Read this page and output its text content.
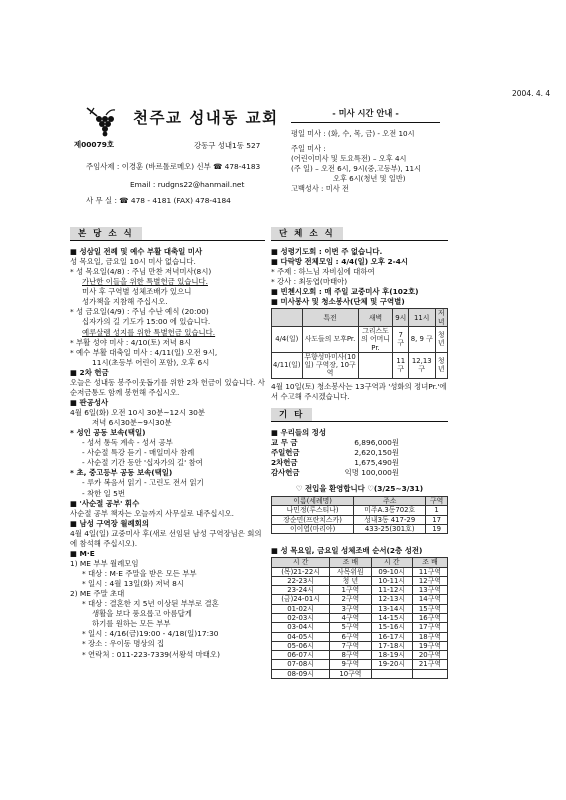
2004. 4. 4
천주교 성내동 교회
제00079호	강동구 성내1동 527
주임사제 : 이경훈 (바르톨로메오) 신부 ☎ 478-4183
Email : rudgns22@hanmail.net
사 무 실 : ☎ 478 - 4181 (FAX) 478-4184
- 미사 시간 안내 -
평일 미사 : (화, 수, 목, 금) - 오전 10시
주일 미사 :
(어린이미사 및 토요특전) – 오후 4시
(주 일) – 오전 6시, 9시(중,고등부), 11시
오후 6시(청년 및 일반)
고백성사 : 미사 전
본 당 소 식
■ 성삼일 전례 및 예수 부활 대축일 미사
성 목요일, 금요일 10시 미사 없습니다.
* 성 목요일(4/8) : 주님 만찬 저녁미사(8시)
가난한 이들을 위한 특별헌금 있습니다.
미사 후 구역별 성체조배가 있으니
성가책을 지참해 주십시오.
* 성 금요일(4/9) : 주님 수난 예식 (20:00)
십자가의 길 기도가 15:00 에 있습니다.
예루살렘 성지를 위한 특별헌금 있습니다.
* 부활 성야 미사 : 4/10(토) 저녁 8시
* 예수 부활 대축일 미사 : 4/11(일) 오전 9시,
11시(초등부 어린이 포함), 오후 6시
■ 2차 헌금
오늘은 성내동 봉주이웃돕기를 위한 2차 헌금이 있습니다. 사순저금통도 함께 봉헌해 주십시오.
■ 판공성사
4월 6일(화) 오전 10시 30분~12시 30분
저녁 6시30분~9시30분
* 성인 공동 보속(택일)
- 성서 통독 계속 - 성서 공부
- 사순절 특강 듣기 - 매일미사 참례
- 사순절 기간 동안 '십자가의 길' 참여
* 초, 중고등부 공동 보속(택일)
- 루카 복음서 읽기 - 고린도 전서 읽기
- 착한 일 5번
■ '사순절 공부' 휘수
사순절 공부 책자는 오늘까지 사무실로 내주십시오.
■ 남성 구역장 월례회의
4월 4일(일) 교중미사 후(새로 선임된 남성 구역장님은 회의에 참석해 주십시오).
■ M·E
1) ME 부부 월례모임
* 대상 : M·E 주말을 받은 모든 부부
* 일시 : 4월 13일(화) 저녁 8시
2) ME 주말 초대
* 대상 : 결혼한 지 5년 이상된 부부로 결혼
생활을 보다 풍요롭고 아름답게
하기를 원하는 모든 부부
* 일시 : 4/16(금)19:00 - 4/18(일)17:30
* 장소 : 우이동 명상의 집
* 연락처 : 011-223-7339(서왕석 마태오)
단 체 소 식
■ 성령기도회 : 이번 주 없습니다.
■ 다락방 전체모임 : 4/4(일) 오후 2-4시
* 주제 : 하느님 자비심에 대하여
* 강사 : 최동엽(마태아)
■ 빈첸시오회 : 매 주일 교중미사 후(102호)
■ 미사봉사 및 청소봉사(단체 및 구역별)
	특전	새벽	9시	11시	저녁
4/4(일)	사도들의 모후Pr.	그리스도의 어머니Pr.	7 구	8, 9 구	청년
4/11(일)	무향성마미사(10일) 구역장, 10구역		11 구	12,13 구	청년
4월 10일(토) 청소봉사는 13구역과 '성화의 정녀Pr.'에서 수고해 주시겠습니다.
기 타
■ 우리들의 정성
교 무 금	6,896,000원
주일헌금	2,620,150원
2차헌금	1,675,490원
감사헌금	익명 100,000원
♡ 전입을 환영합니다 ♡(3/25~3/31)
이름(세례명)	주소	구역
나민정(루스티나)	미주A.3동702호	1
장순민(프란치스카)	성내3동 417-29	17
이이엽(마리아)	433-25(301호)	19
■ 성 목요일, 금요일 성체조배 순서(2층 성전)
시 간	조 배	시 간	조 배
(목)21-22시	사목위원	09-10시	11구역
22-23시	청 년	10-11시	12구역
23-24시	1구역	11-12시	13구역
(금)24-01시	2구역	12-13시	14구역
01-02시	3구역	13-14시	15구역
02-03시	4구역	14-15시	16구역
03-04시	5구역	15-16시	17구역
04-05시	6구역	16-17시	18구역
05-06시	7구역	17-18시	19구역
06-07시	8구역	18-19시	20구역
07-08시	9구역	19-20시	21구역
08-09시	10구역		
